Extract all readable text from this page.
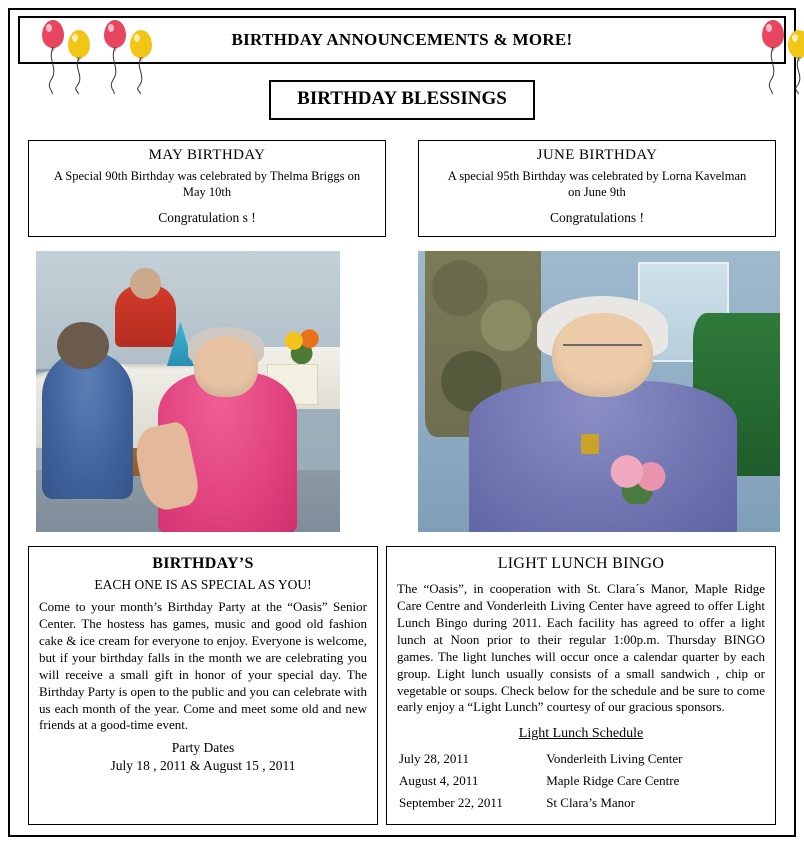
BIRTHDAY ANNOUNCEMENTS & MORE!
BIRTHDAY BLESSINGS
MAY BIRTHDAY
A Special 90th Birthday was celebrated by Thelma Briggs on
May 10th
Congratulation s !
JUNE BIRTHDAY
A special 95th Birthday was celebrated by Lorna Kavelman
on June 9th
Congratulations !
BIRTHDAY’S
EACH ONE IS AS SPECIAL AS YOU!

Come to your month’s Birthday Party at the “Oasis” Senior Center. The hostess has games, music and good old fashion cake & ice cream for everyone to enjoy. Everyone is welcome, but if your birthday falls in the month we are celebrating you will receive a small gift in honor of your special day. The Birthday Party is open to the public and you can celebrate with us each month of the year. Come and meet some old and new friends at a good-time event.

Party Dates
July 18 , 2011 & August 15 , 2011
LIGHT LUNCH BINGO

The “Oasis”, in cooperation with St. Clara´s Manor, Maple Ridge Care Centre and Vonderleith Living Center have agreed to offer Light Lunch Bingo during 2011. Each facility has agreed to offer a light lunch at Noon prior to their regular 1:00p.m. Thursday BINGO games. The light lunches will occur once a calendar quarter by each group. Light lunch usually consists of a small sandwich , chip or vegetable or soups. Check below for the schedule and be sure to come early enjoy a “Light Lunch” courtesy of our gracious sponsors.

Light Lunch Schedule
July 28, 2011	Vonderleith Living Center
August 4, 2011	Maple Ridge Care Centre
September 22, 2011	St Clara’s Manor
